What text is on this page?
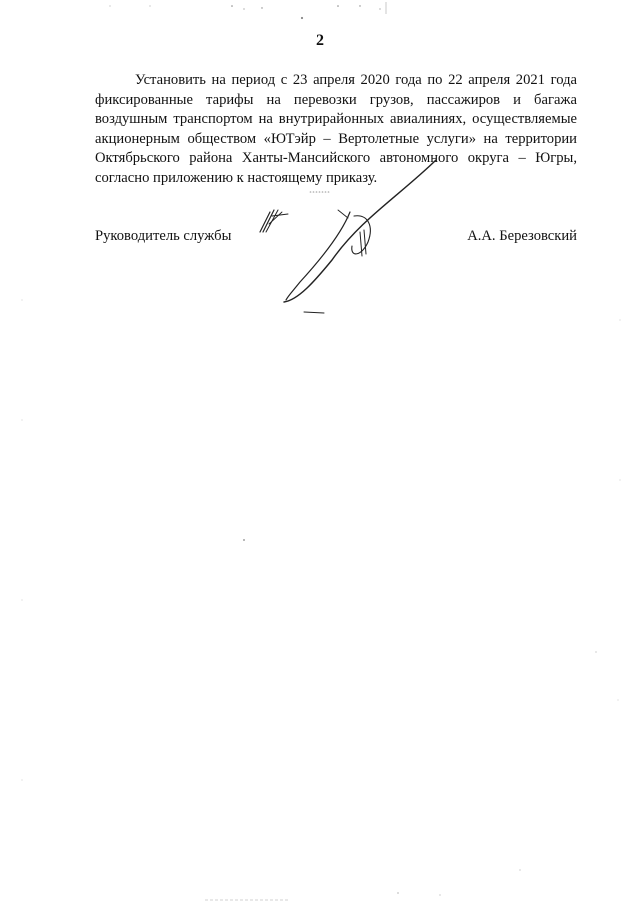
2

Установить на период с 23 апреля 2020 года по 22 апреля 2021 года фиксированные тарифы на перевозки грузов, пассажиров и багажа воздушным транспортом на внутрирайонных авиалиниях, осуществляемые акционерным обществом «ЮТэйр – Вертолетные услуги» на территории Октябрьского района Ханты-Мансийского автономного округа – Югры, согласно приложению к настоящему приказу.

Руководитель службы	А.А. Березовский
